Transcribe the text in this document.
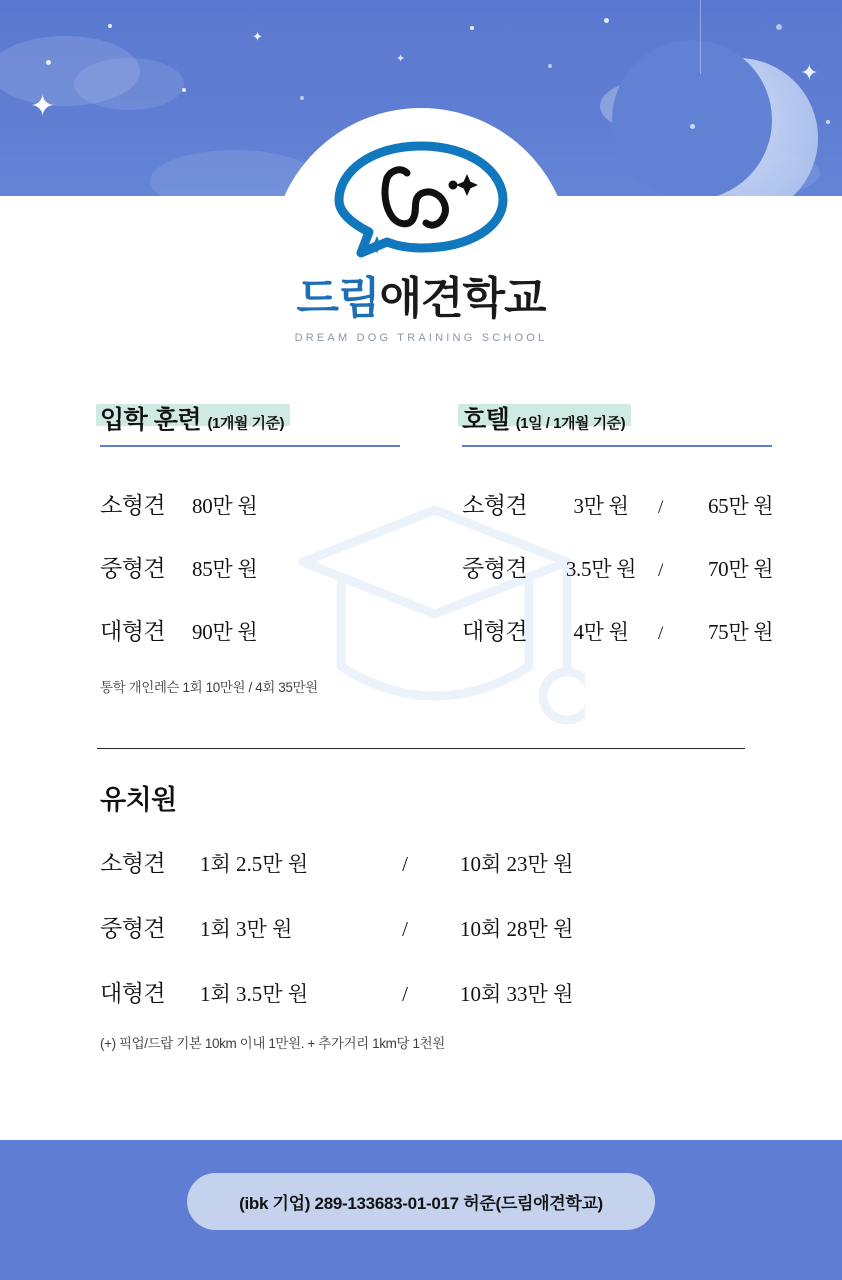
✦
✦
✦
✦
드림애견학교
DREAM DOG TRAINING SCHOOL
입학 훈련 (1개월 기준)
소형견	80만 원
중형견	85만 원
대형견	90만 원
통학 개인레슨 1회 10만원 / 4회 35만원
호텔 (1일 / 1개월 기준)
소형견	3만 원	/	65만 원
중형견	3.5만 원	/	70만 원
대형견	4만 원	/	75만 원
유치원
소형견	1회 2.5만 원	/	10회 23만 원
중형견	1회 3만 원	/	10회 28만 원
대형견	1회 3.5만 원	/	10회 33만 원
(+) 픽업/드랍 기본 10km 이내 1만원. + 추가거리 1km당 1천원
(ibk 기업) 289-133683-01-017 허준(드림애견학교)
